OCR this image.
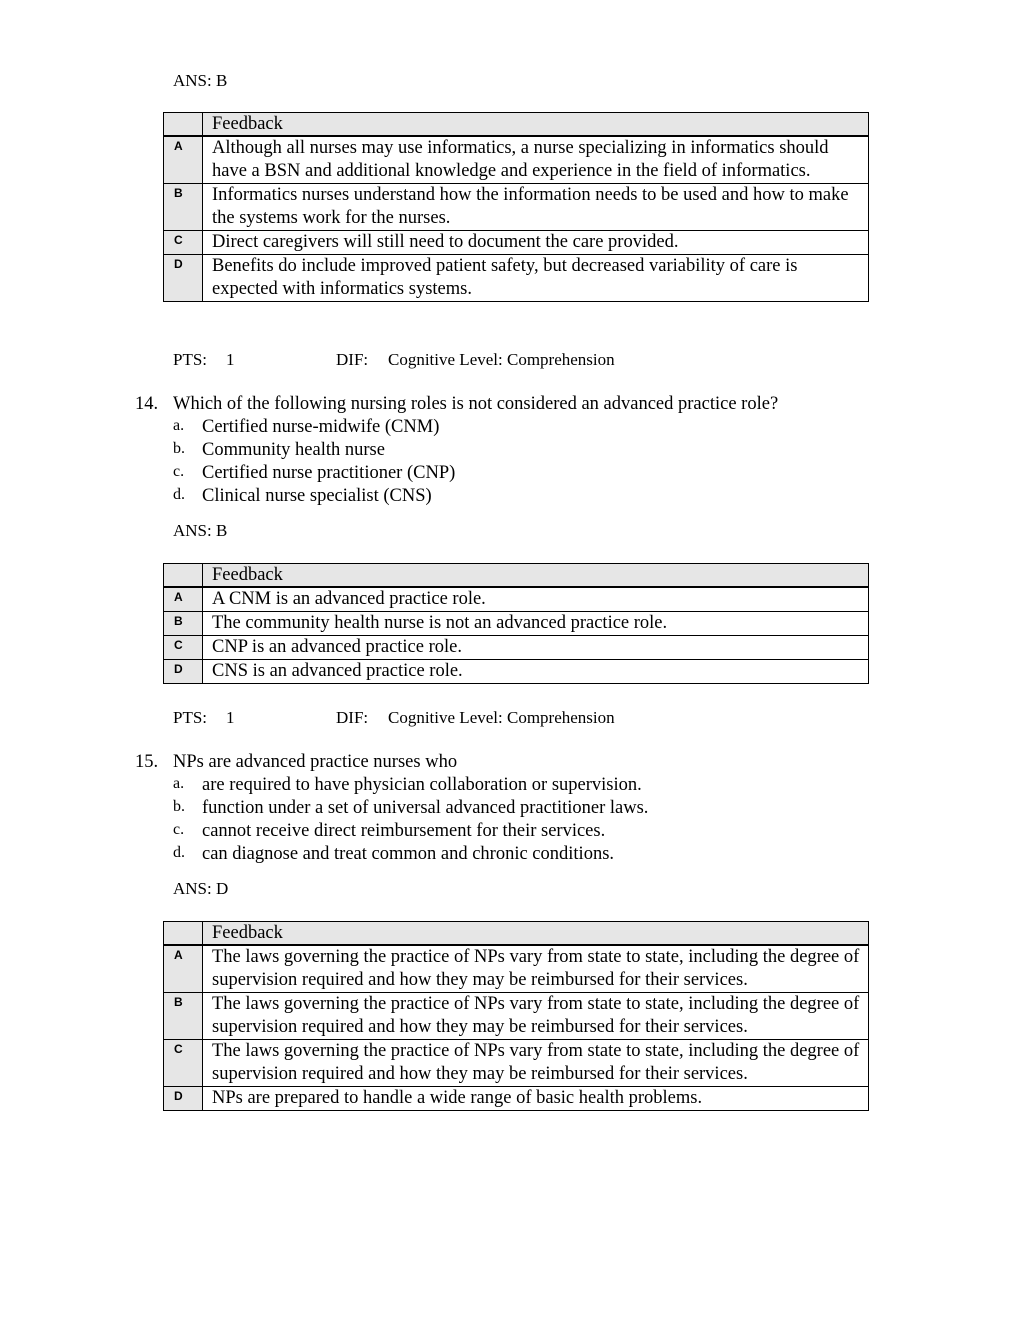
ANS: B
	Feedback
A	Although all nurses may use informatics, a nurse specializing in informatics should have a BSN and additional knowledge and experience in the field of informatics.
B	Informatics nurses understand how the information needs to be used and how to make the systems work for the nurses.
C	Direct caregivers will still need to document the care provided.
D	Benefits do include improved patient safety, but decreased variability of care is expected with informatics systems.
PTS: 1	DIF: Cognitive Level: Comprehension
14. Which of the following nursing roles is not considered an advanced practice role?
a. Certified nurse-midwife (CNM)
b. Community health nurse
c. Certified nurse practitioner (CNP)
d. Clinical nurse specialist (CNS)
ANS: B
	Feedback
A	A CNM is an advanced practice role.
B	The community health nurse is not an advanced practice role.
C	CNP is an advanced practice role.
D	CNS is an advanced practice role.
PTS: 1	DIF: Cognitive Level: Comprehension
15. NPs are advanced practice nurses who
a. are required to have physician collaboration or supervision.
b. function under a set of universal advanced practitioner laws.
c. cannot receive direct reimbursement for their services.
d. can diagnose and treat common and chronic conditions.
ANS: D
	Feedback
A	The laws governing the practice of NPs vary from state to state, including the degree of supervision required and how they may be reimbursed for their services.
B	The laws governing the practice of NPs vary from state to state, including the degree of supervision required and how they may be reimbursed for their services.
C	The laws governing the practice of NPs vary from state to state, including the degree of supervision required and how they may be reimbursed for their services.
D	NPs are prepared to handle a wide range of basic health problems.
